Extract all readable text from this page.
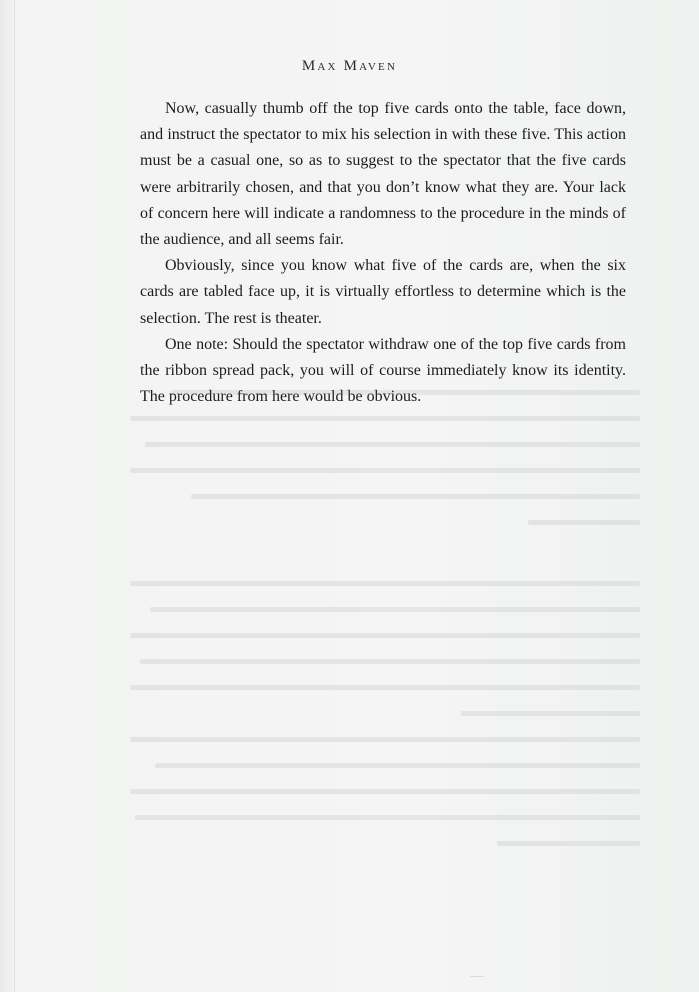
Max Maven

Now, casually thumb off the top five cards onto the table, face down, and instruct the spectator to mix his selection in with these five. This action must be a casual one, so as to suggest to the spectator that the five cards were arbitrarily chosen, and that you don’t know what they are. Your lack of concern here will indicate a randomness to the procedure in the minds of the audience, and all seems fair.

Obviously, since you know what five of the cards are, when the six cards are tabled face up, it is virtually effortless to determine which is the selection. The rest is theater.

One note: Should the spectator withdraw one of the top five cards from the ribbon spread pack, you will of course immediately know its identity. The procedure from here would be obvious.
